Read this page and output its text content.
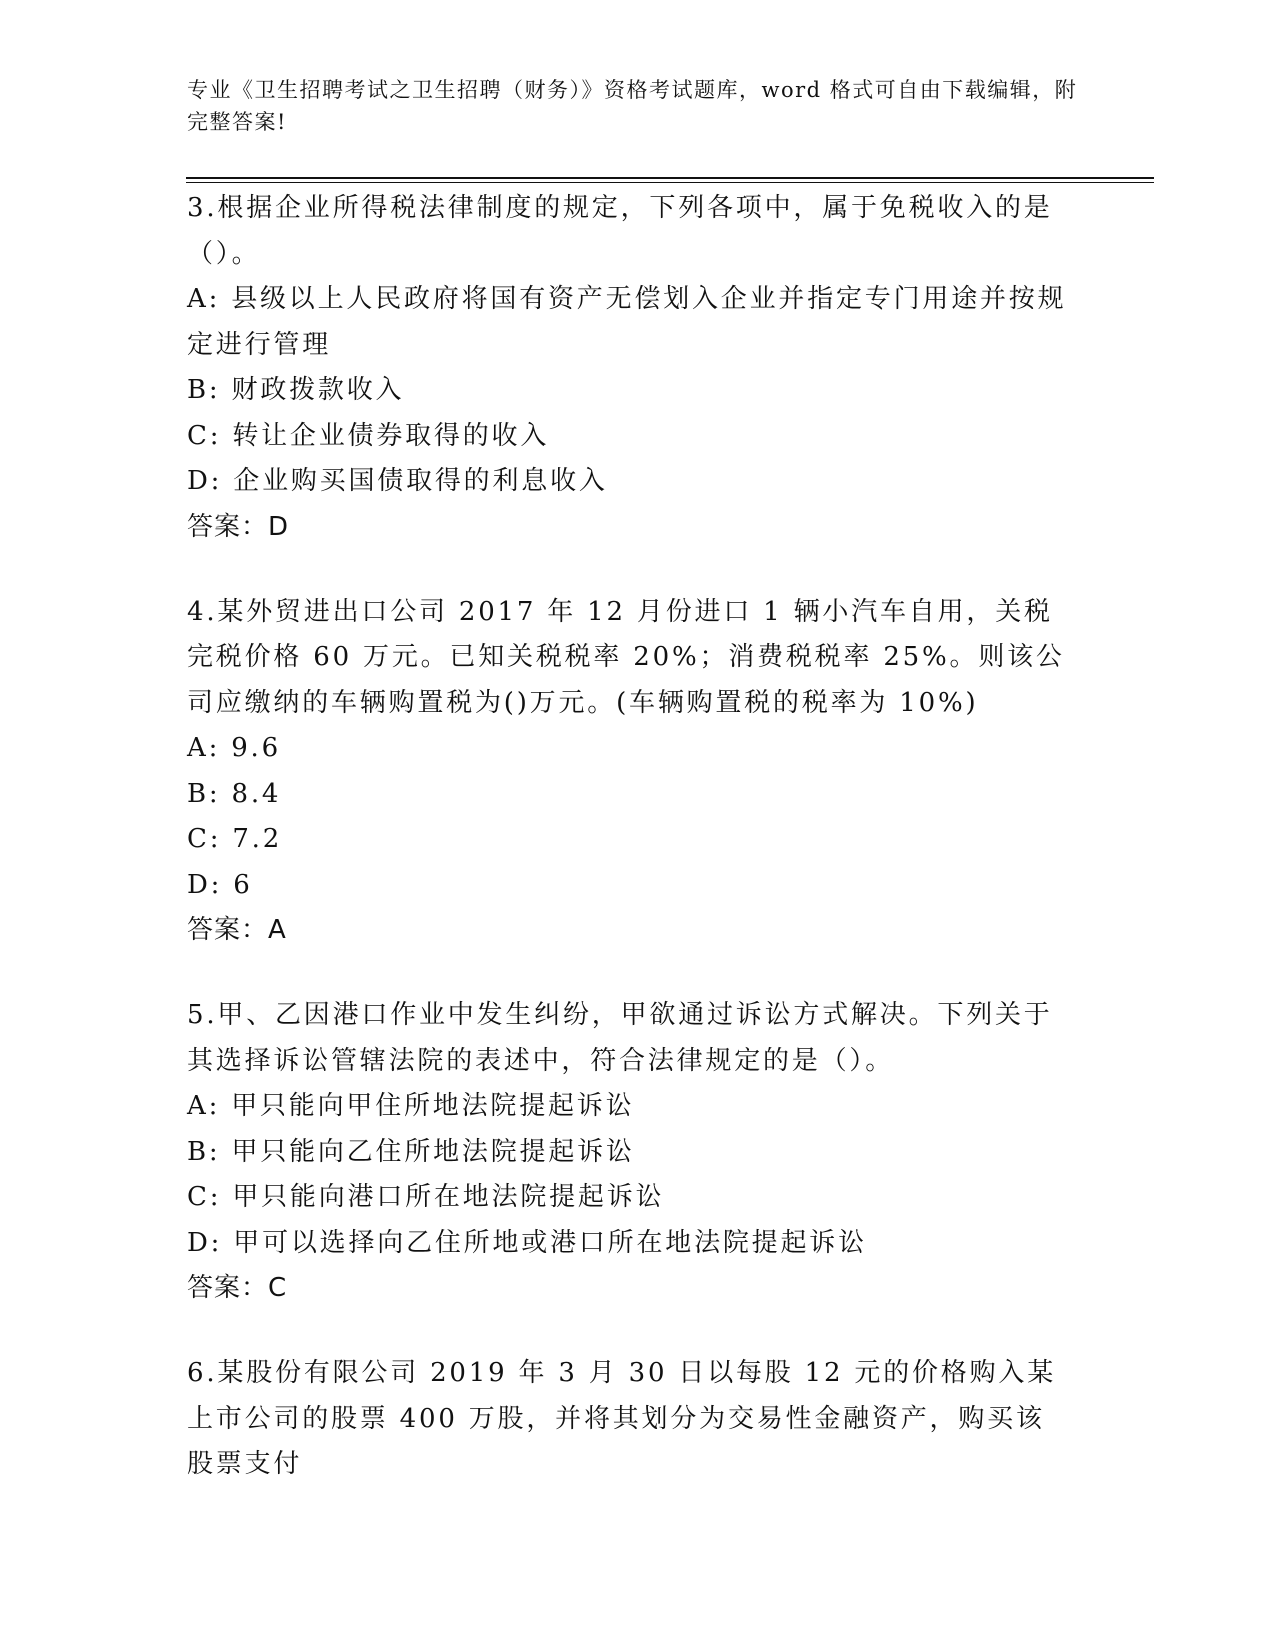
专业《卫生招聘考试之卫生招聘（财务）》资格考试题库，word 格式可自由下载编辑，附完整答案!
3.根据企业所得税法律制度的规定，下列各项中，属于免税收入的是（）。
A: 县级以上人民政府将国有资产无偿划入企业并指定专门用途并按规定进行管理
B: 财政拨款收入
C: 转让企业债券取得的收入
D: 企业购买国债取得的利息收入
答案：D
4.某外贸进出口公司 2017 年 12 月份进口 1 辆小汽车自用，关税完税价格 60 万元。已知关税税率 20%；消费税税率 25%。则该公司应缴纳的车辆购置税为()万元。(车辆购置税的税率为 10%)
A: 9.6
B: 8.4
C: 7.2
D: 6
答案：A
5.甲、乙因港口作业中发生纠纷，甲欲通过诉讼方式解决。下列关于其选择诉讼管辖法院的表述中，符合法律规定的是（）。
A: 甲只能向甲住所地法院提起诉讼
B: 甲只能向乙住所地法院提起诉讼
C: 甲只能向港口所在地法院提起诉讼
D: 甲可以选择向乙住所地或港口所在地法院提起诉讼
答案：C
6.某股份有限公司 2019 年 3 月 30 日以每股 12 元的价格购入某上市公司的股票 400 万股，并将其划分为交易性金融资产，购买该股票支付
